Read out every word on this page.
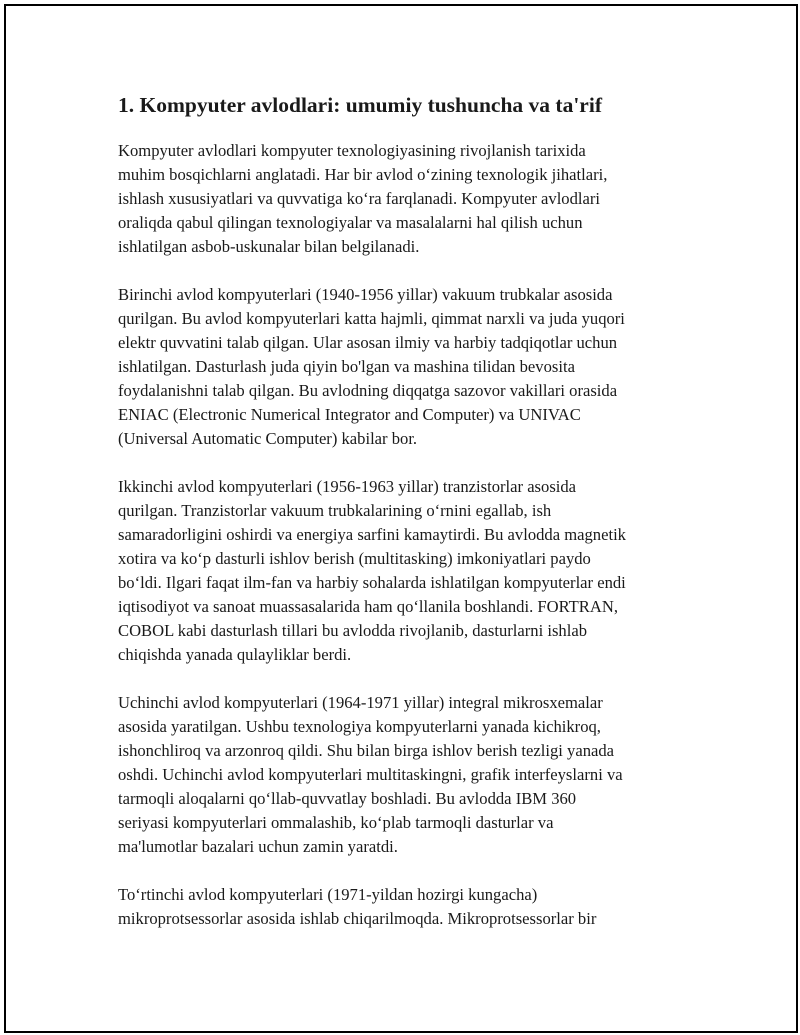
1. Kompyuter avlodlari: umumiy tushuncha va ta'rif

Kompyuter avlodlari kompyuter texnologiyasining rivojlanish tarixida
muhim bosqichlarni anglatadi. Har bir avlod o‘zining texnologik jihatlari,
ishlash xususiyatlari va quvvatiga ko‘ra farqlanadi. Kompyuter avlodlari
oraliqda qabul qilingan texnologiyalar va masalalarni hal qilish uchun
ishlatilgan asbob-uskunalar bilan belgilanadi.

Birinchi avlod kompyuterlari (1940-1956 yillar) vakuum trubkalar asosida
qurilgan. Bu avlod kompyuterlari katta hajmli, qimmat narxli va juda yuqori
elektr quvvatini talab qilgan. Ular asosan ilmiy va harbiy tadqiqotlar uchun
ishlatilgan. Dasturlash juda qiyin bo'lgan va mashina tilidan bevosita
foydalanishni talab qilgan. Bu avlodning diqqatga sazovor vakillari orasida
ENIAC (Electronic Numerical Integrator and Computer) va UNIVAC
(Universal Automatic Computer) kabilar bor.

Ikkinchi avlod kompyuterlari (1956-1963 yillar) tranzistorlar asosida
qurilgan. Tranzistorlar vakuum trubkalarining o‘rnini egallab, ish
samaradorligini oshirdi va energiya sarfini kamaytirdi. Bu avlodda magnetik
xotira va ko‘p dasturli ishlov berish (multitasking) imkoniyatlari paydo
bo‘ldi. Ilgari faqat ilm-fan va harbiy sohalarda ishlatilgan kompyuterlar endi
iqtisodiyot va sanoat muassasalarida ham qo‘llanila boshlandi. FORTRAN,
COBOL kabi dasturlash tillari bu avlodda rivojlanib, dasturlarni ishlab
chiqishda yanada qulayliklar berdi.

Uchinchi avlod kompyuterlari (1964-1971 yillar) integral mikrosxemalar
asosida yaratilgan. Ushbu texnologiya kompyuterlarni yanada kichikroq,
ishonchliroq va arzonroq qildi. Shu bilan birga ishlov berish tezligi yanada
oshdi. Uchinchi avlod kompyuterlari multitaskingni, grafik interfeyslarni va
tarmoqli aloqalarni qo‘llab-quvvatlay boshladi. Bu avlodda IBM 360
seriyasi kompyuterlari ommalashib, ko‘plab tarmoqli dasturlar va
ma'lumotlar bazalari uchun zamin yaratdi.

To‘rtinchi avlod kompyuterlari (1971-yildan hozirgi kungacha)
mikroprotsessorlar asosida ishlab chiqarilmoqda. Mikroprotsessorlar bir
